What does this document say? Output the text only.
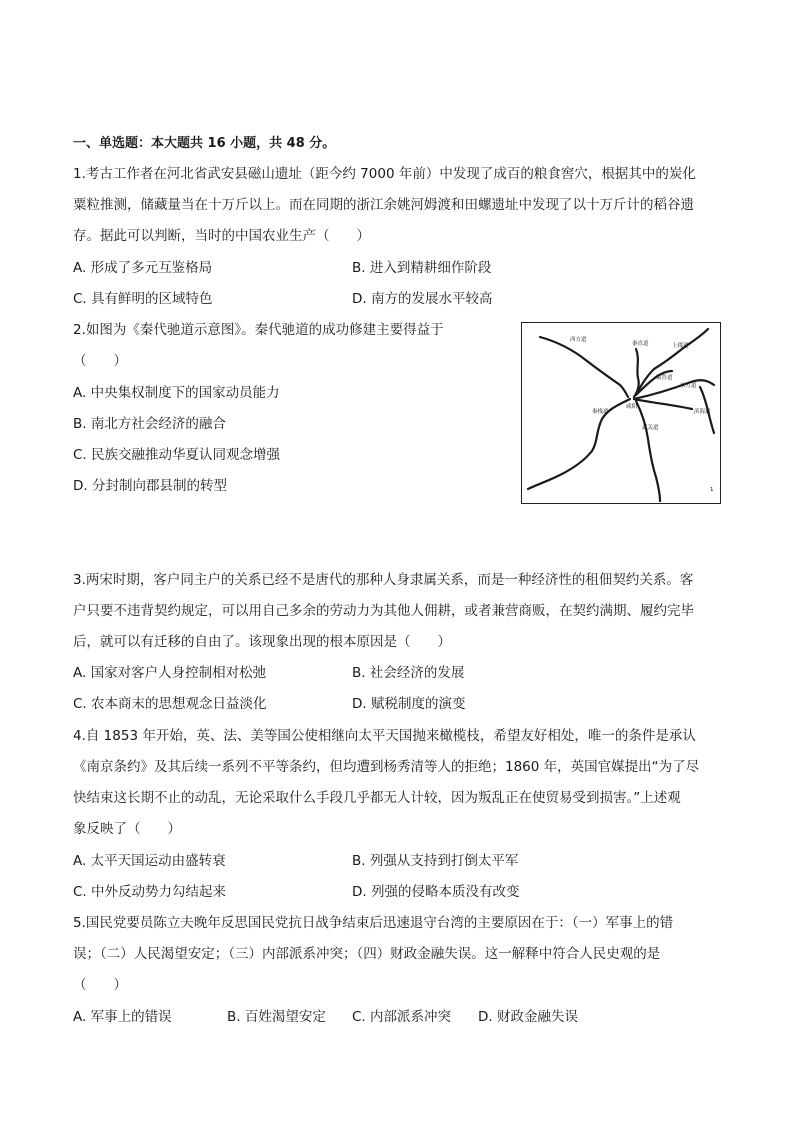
一、单选题：本大题共 16 小题，共 48 分。
1.考古工作者在河北省武安县磁山遗址（距今约 7000 年前）中发现了成百的粮食窖穴，根据其中的炭化
粟粒推测，储藏量当在十万斤以上。而在同期的浙江余姚河姆渡和田螺遗址中发现了以十万斤计的稻谷遗
存。据此可以判断，当时的中国农业生产（　　）
A. 形成了多元互鉴格局	B. 进入到精耕细作阶段
C. 具有鲜明的区域特色	D. 南方的发展水平较高
2.如图为《秦代驰道示意图》。秦代驰道的成功修建主要得益于
（　　）
A. 中央集权制度下的国家动员能力
B. 南北方社会经济的融合
C. 民族交融推动华夏认同观念增强
D. 分封制向郡县制的转型
西方道
秦直道	上郡道
临晋道
东方道
秦栈道
咸阳
武关道
滨海道
1
3.两宋时期，客户同主户的关系已经不是唐代的那种人身隶属关系，而是一种经济性的租佃契约关系。客
户只要不违背契约规定，可以用自己多余的劳动力为其他人佣耕，或者兼营商贩，在契约满期、履约完毕
后，就可以有迁移的自由了。该现象出现的根本原因是（　　）
A. 国家对客户人身控制相对松弛	B. 社会经济的发展
C. 农本商末的思想观念日益淡化	D. 赋税制度的演变
4.自 1853 年开始，英、法、美等国公使相继向太平天国抛来橄榄枝，希望友好相处，唯一的条件是承认
《南京条约》及其后续一系列不平等条约，但均遭到杨秀清等人的拒绝；1860 年，英国官媒提出“为了尽
快结束这长期不止的动乱，无论采取什么手段几乎都无人计较，因为叛乱正在使贸易受到损害。”上述观
象反映了（　　）
A. 太平天国运动由盛转衰	B. 列强从支持到打倒太平军
C. 中外反动势力勾结起来	D. 列强的侵略本质没有改变
5.国民党要员陈立夫晚年反思国民党抗日战争结束后迅速退守台湾的主要原因在于：（一）军事上的错
误；（二）人民渴望安定；（三）内部派系冲突；（四）财政金融失误。这一解释中符合人民史观的是
（　　）
A. 军事上的错误	B. 百姓渴望安定 C. 内部派系冲突 D. 财政金融失误
